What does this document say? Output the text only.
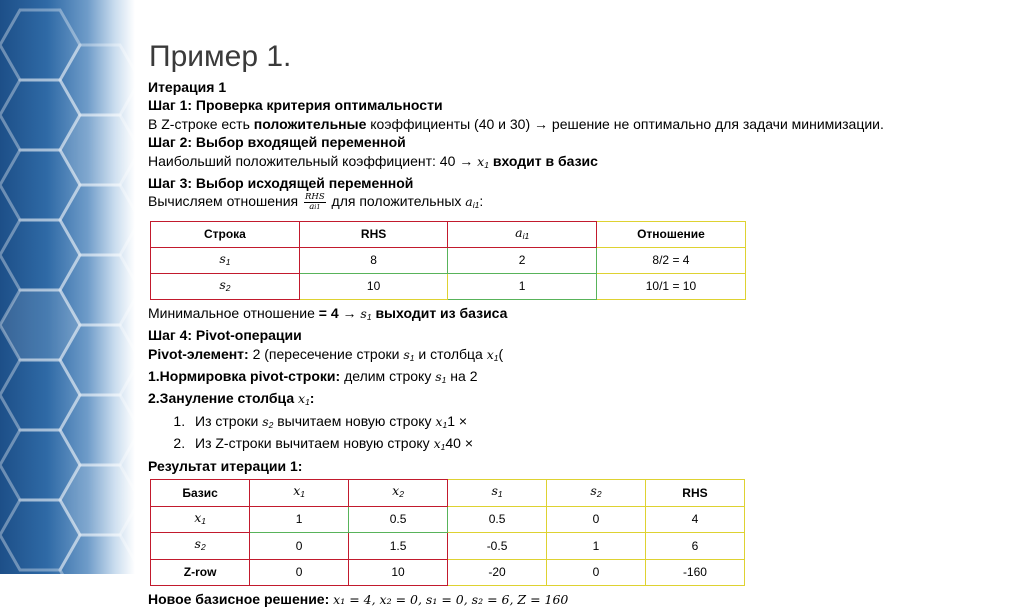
Пример 1.
Итерация 1
Шаг 1: Проверка критерия оптимальности
В Z-строке есть положительные коэффициенты (40 и 30) → решение не оптимально для задачи минимизации.
Шаг 2: Выбор входящей переменной
Наибольший положительный коэффициент: $40 \to x_1$ входит в базис
Шаг 3: Выбор исходящей переменной
Вычисляем отношения $\frac{\text{RHS}}{ai1}$ для положительных $a_{i1}$:
Строка	RHS	$a_{i1}$	Отношение
$s_1$	8	2	8/2 = 4
$s_2$	10	1	10/1 = 10
Минимальное отношение = $4 \to s_1$ выходит из базиса
Шаг 4: Pivot-операции
Pivot-элемент: 2 (пересечение строки $s_1$ и столбца $x_1$(
1.Нормировка pivot-строки: делим строку $s_1$ на 2
2.Зануление столбца $x_1$:
1. Из строки $s_2$ вычитаем новую строку $x_11$ ×
2. Из Z-строки вычитаем новую строку $x_140$ ×
Результат итерации 1:
Базис	$x_1$	$x_2$	$s_1$	$s_2$	RHS
$x_1$	1	0.5	0.5	0	4
$s_2$	0	1.5	-0.5	1	6
Z-row	0	10	-20	0	-160
Новое базисное решение: x₁ = 4, x₂ = 0, s₁ = 0, s₂ = 6, Z = 160
